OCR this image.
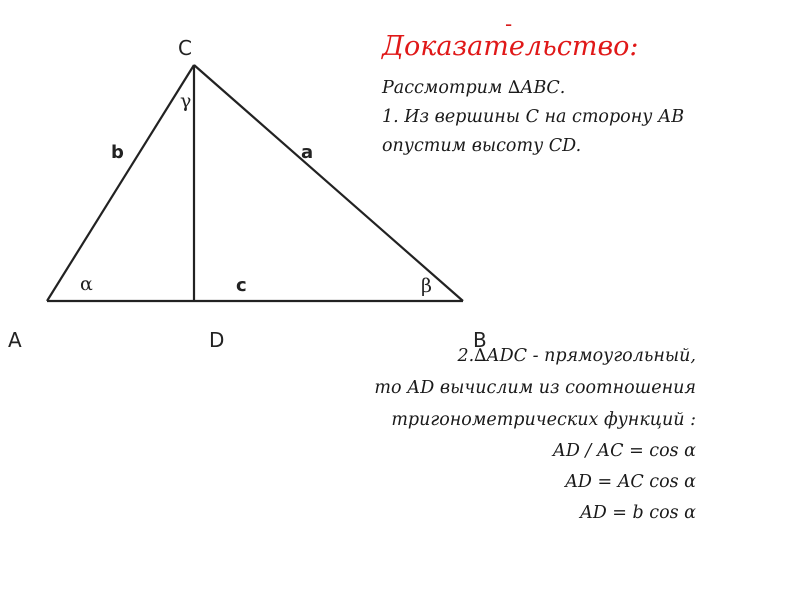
A	B
C
D
b	a
c
α	β
γ
-

Доказательство:

Рассмотрим ∆АВС.

1. Из вершины С на сторону АВ

опустим высоту СD.

2.∆АDС - прямоугольный,

то АD вычислим из соотношения

тригонометрических функций :

АD / АС = cos α

AD = AC cos α

AD = b cos α
